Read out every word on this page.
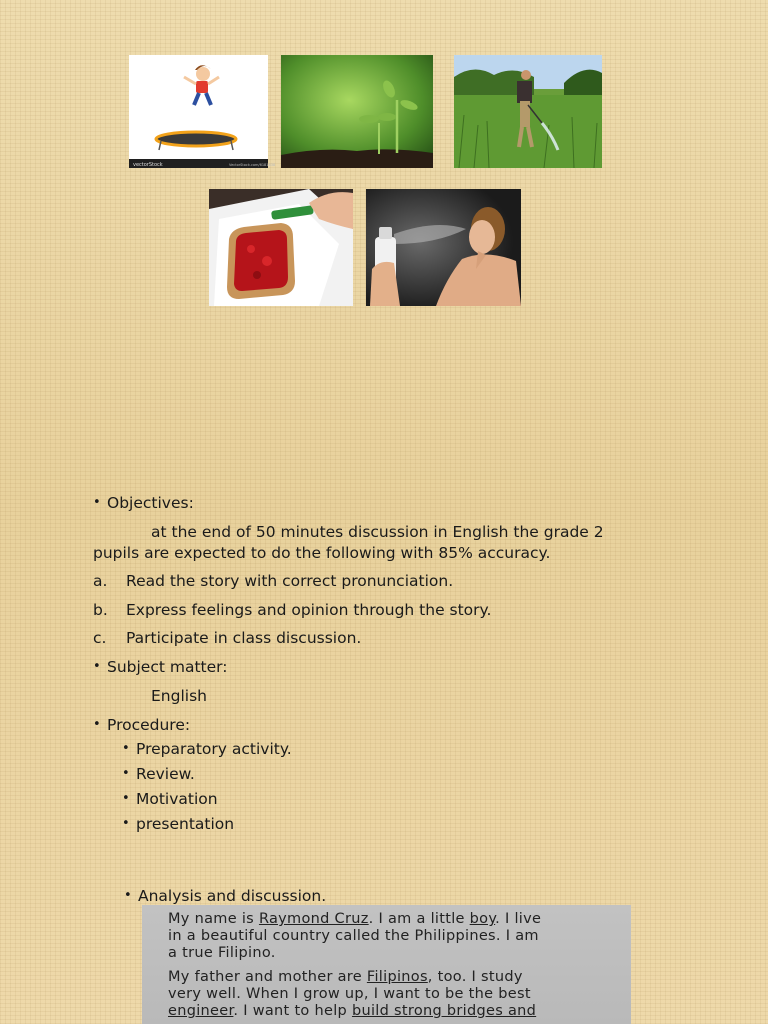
vectorStock	VectorStock.com/6181638
• Objectives:
at the end of 50 minutes discussion in English the grade 2
pupils are expected to do the following with 85% accuracy.
a. Read the story with correct pronunciation.
b. Express feelings and opinion through the story.
c. Participate in class discussion.
• Subject matter:
English
• Procedure:
• Preparatory activity.
• Review.
• Motivation
• presentation
• Analysis and discussion.
My name is Raymond Cruz. I am a little boy. I live
in a beautiful country called the Philippines. I am
a true Filipino.
My father and mother are Filipinos, too. I study
very well. When I grow up, I want to be the best
engineer. I want to help build strong bridges and
